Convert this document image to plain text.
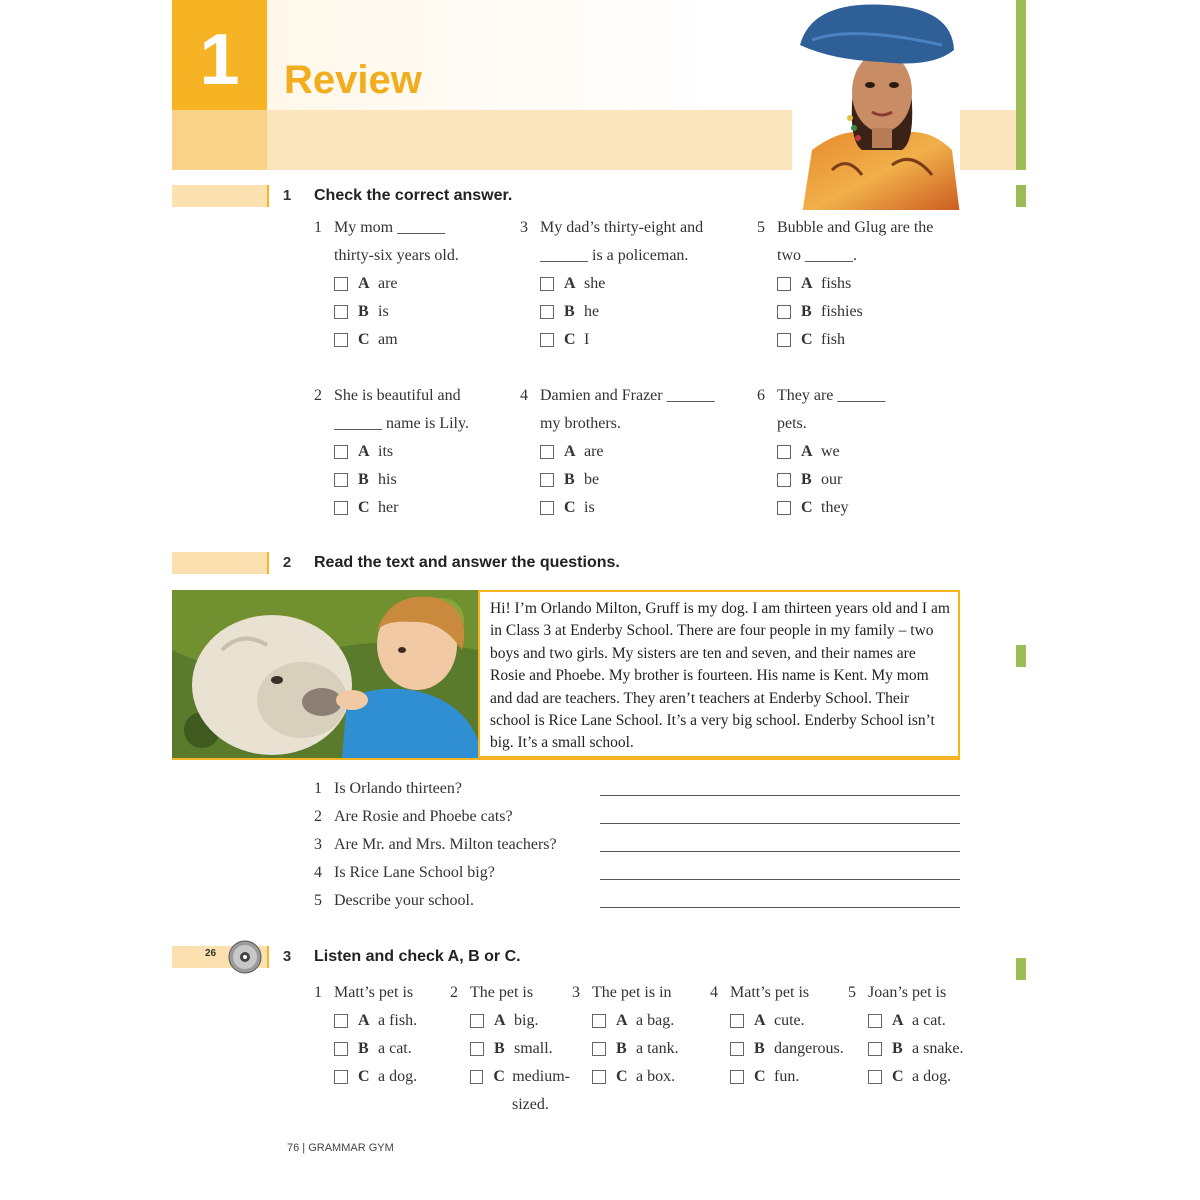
1	Review
1	Check the correct answer.
1 My mom ______
thirty-six years old.
A are
B is
C am
2 She is beautiful and
______ name is Lily.
A its
B his
C her
3 My dad’s thirty-eight and
______ is a policeman.
A she
B he
C I
4 Damien and Frazer ______
my brothers.
A are
B be
C is
5 Bubble and Glug are the
two ______.
A fishs
B fishies
C fish
6 They are ______
pets.
A we
B our
C they
2	Read the text and answer the questions.

Hi! I’m Orlando Milton, Gruff is my dog. I am thirteen years old and I am in Class 3 at Enderby School. There are four people in my family – two boys and two girls. My sisters are ten and seven, and their names are Rosie and Phoebe. My brother is fourteen. His name is Kent. My mom and dad are teachers. They aren’t teachers at Enderby School. Their school is Rice Lane School. It’s a very big school. Enderby School isn’t big. It’s a small school.

1 Is Orlando thirteen?
2 Are Rosie and Phoebe cats?
3 Are Mr. and Mrs. Milton teachers?
4 Is Rice Lane School big?
5 Describe your school.
26	3	Listen and check A, B or C.
1 Matt’s pet is
A a fish.
B a cat.
C a dog.
2 The pet is
A big.
B small.
C medium-
sized.
3 The pet is in
A a bag.
B a tank.
C a box.
4 Matt’s pet is
A cute.
B dangerous.
C fun.
5 Joan’s pet is
A a cat.
B a snake.
C a dog.
76 | GRAMMAR GYM
